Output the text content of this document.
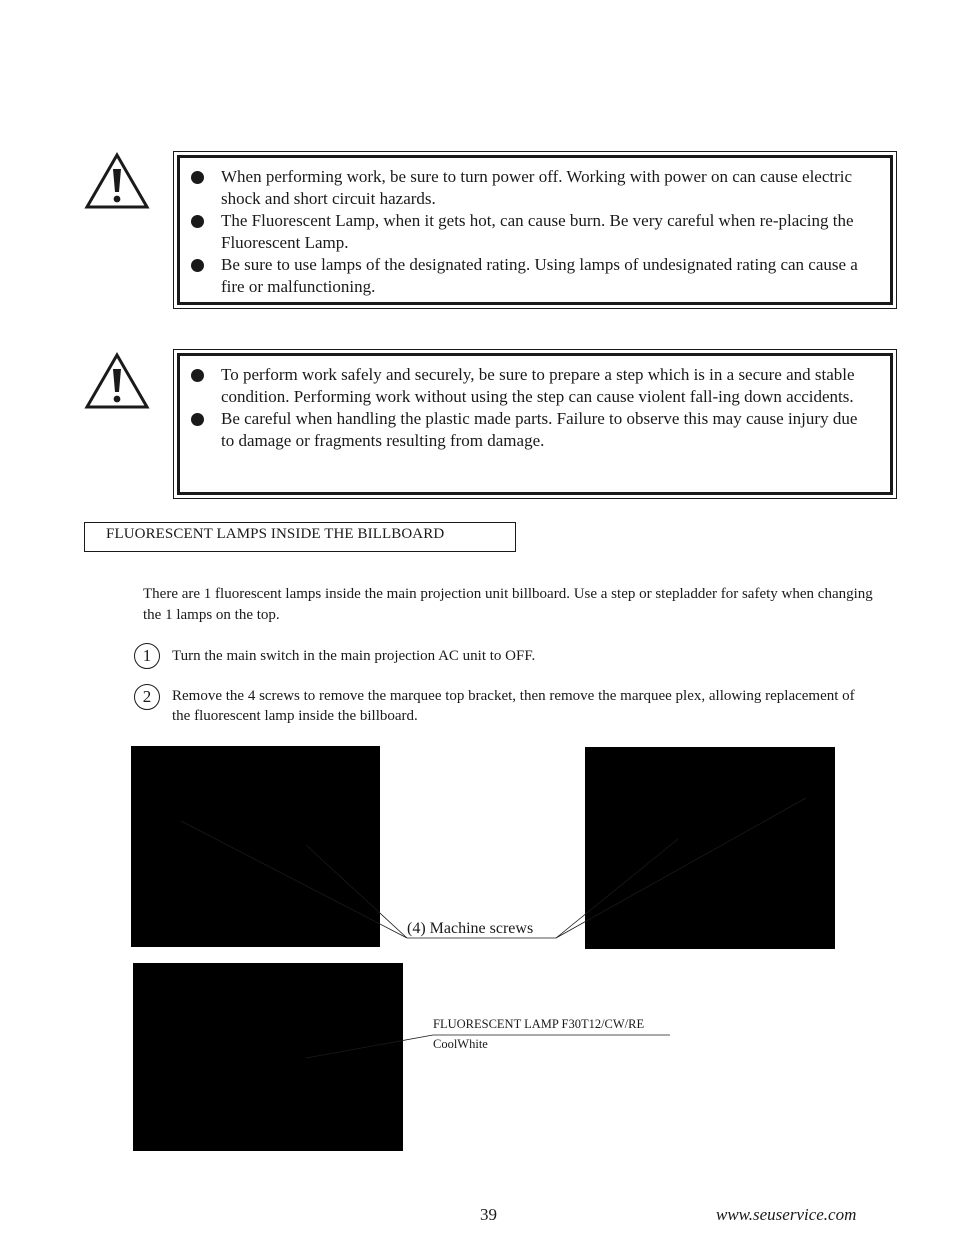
When performing work, be sure to turn power off. Working with power on can cause electric shock and short circuit hazards.
The Fluorescent Lamp, when it gets hot, can cause burn. Be very careful when re-placing the Fluorescent Lamp.
Be sure to use lamps of the designated rating. Using lamps of undesignated rating can cause a fire or malfunctioning.
To perform work safely and securely, be sure to prepare a step which is in a secure and stable condition. Performing work without using the step can cause violent fall-ing down accidents.
Be careful when handling the plastic made parts. Failure to observe this may cause injury due to damage or fragments resulting from damage.
FLUORESCENT LAMPS INSIDE THE BILLBOARD
There are 1 fluorescent lamps inside the main projection unit billboard. Use a step or stepladder for safety when changing the 1 lamps on the top.
1	Turn the main switch in the main projection AC unit to OFF.
2	Remove the 4 screws to remove the marquee top bracket, then remove the marquee plex, allowing replacement of the fluorescent lamp inside the billboard.
(4) Machine screws
FLUORESCENT LAMP F30T12/CW/RE
CoolWhite
39	www.seuservice.com
